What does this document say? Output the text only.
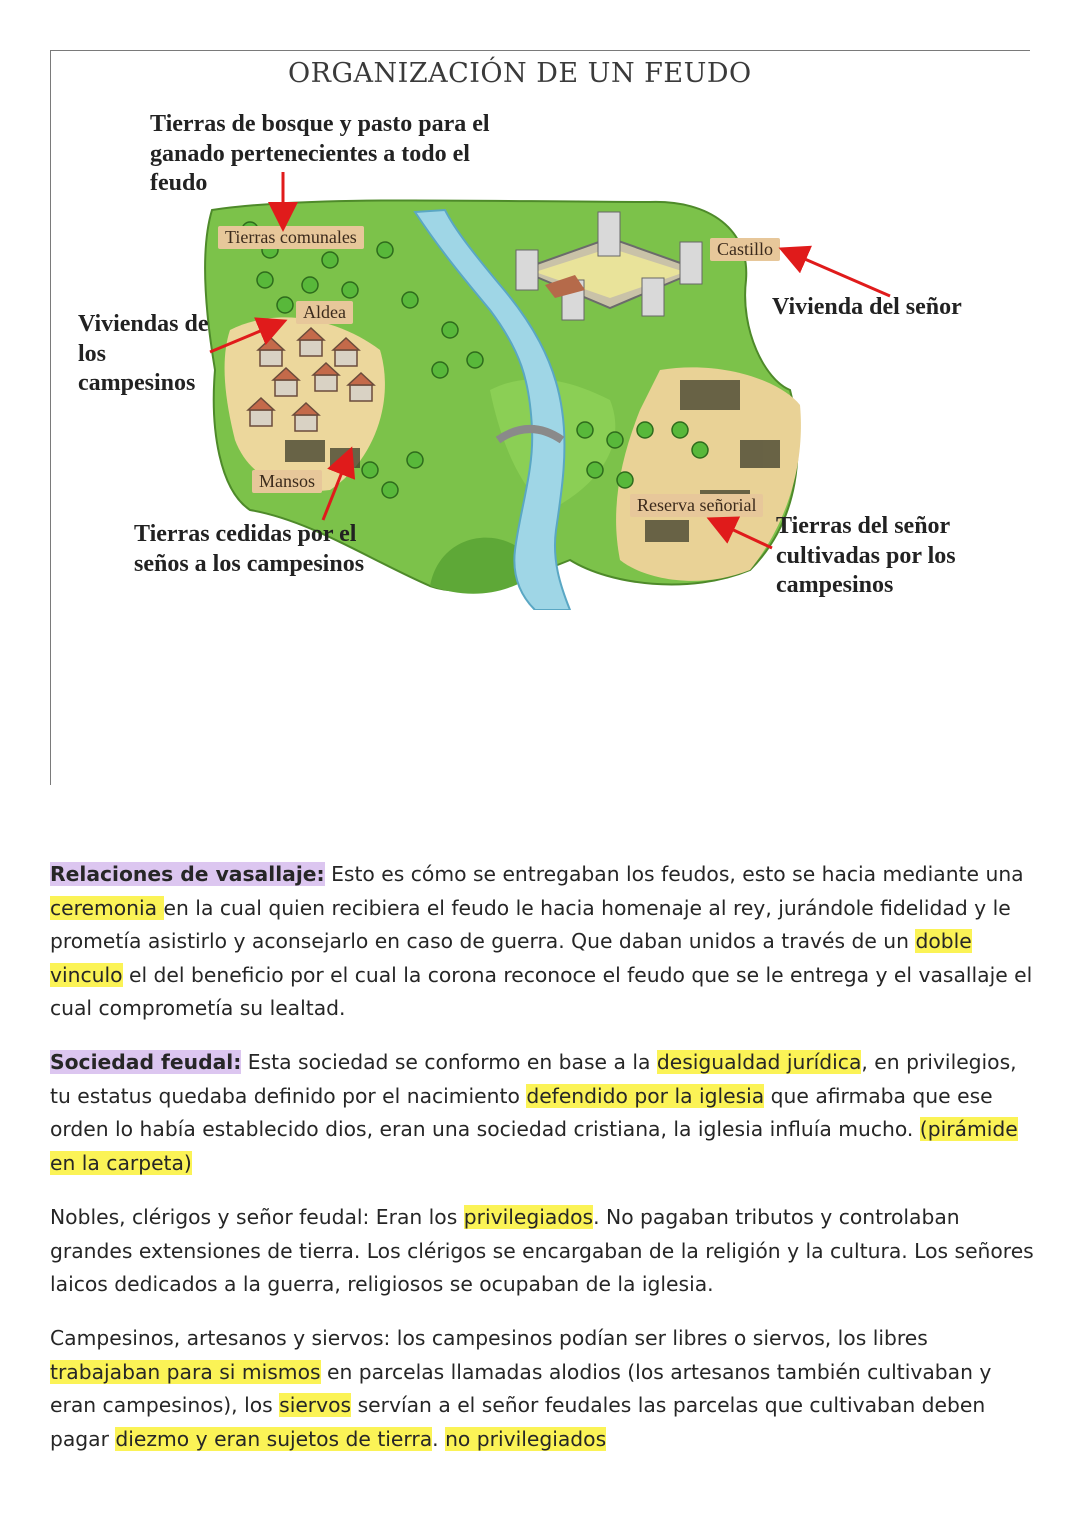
ORGANIZACIÓN DE UN FEUDO
Tierras comunales
Aldea
Castillo
Mansos
Reserva señorial
Tierras de bosque y pasto para el ganado pertenecientes a todo el feudo
Viviendas de los campesinos
Vivienda del señor
Tierras cedidas por el seños a los campesinos
Tierras del señor cultivadas por los campesinos
Relaciones de vasallaje: Esto es cómo se entregaban los feudos, esto se hacia mediante una ceremonia en la cual quien recibiera el feudo le hacia homenaje al rey, jurándole fidelidad y le prometía asistirlo y aconsejarlo en caso de guerra. Que daban unidos a través de un doble vinculo el del beneficio por el cual la corona reconoce el feudo que se le entrega y el vasallaje el cual comprometía su lealtad.
Sociedad feudal: Esta sociedad se conformo en base a la desigualdad jurídica, en privilegios, tu estatus quedaba definido por el nacimiento defendido por la iglesia que afirmaba que ese orden lo había establecido dios, eran una sociedad cristiana, la iglesia influía mucho. (pirámide en la carpeta)
Nobles, clérigos y señor feudal: Eran los privilegiados. No pagaban tributos y controlaban grandes extensiones de tierra. Los clérigos se encargaban de la religión y la cultura. Los señores laicos dedicados a la guerra, religiosos se ocupaban de la iglesia.
Campesinos, artesanos y siervos: los campesinos podían ser libres o siervos, los libres trabajaban para si mismos en parcelas llamadas alodios (los artesanos también cultivaban y eran campesinos), los siervos servían a el señor feudales las parcelas que cultivaban deben pagar diezmo y eran sujetos de tierra. no privilegiados
